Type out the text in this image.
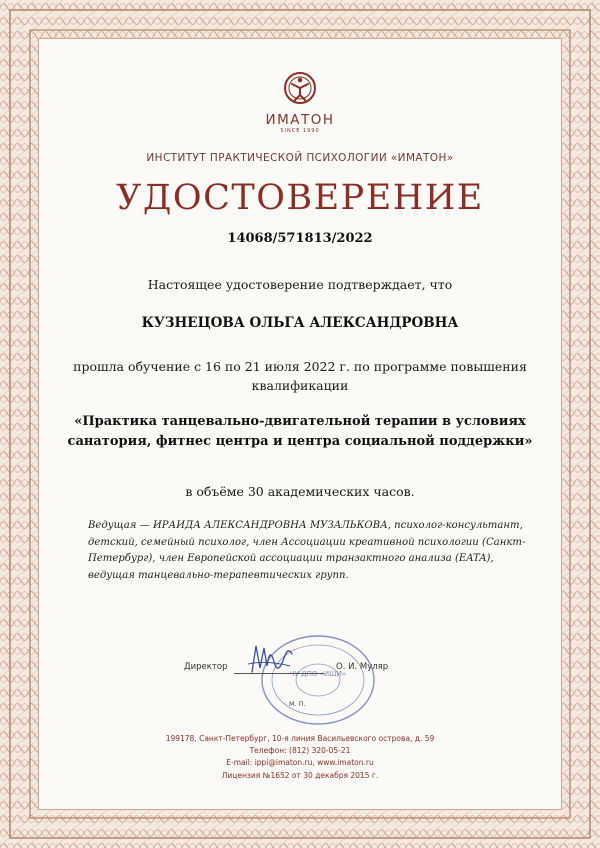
ИМАТОН
SINCE 1990
ИНСТИТУТ ПРАКТИЧЕСКОЙ ПСИХОЛОГИИ «ИМАТОН»
УДОСТОВЕРЕНИЕ
14068/571813/2022
Настоящее удостоверение подтверждает, что
КУЗНЕЦОВА ОЛЬГА АЛЕКСАНДРОВНА
прошла обучение с 16 по 21 июля 2022 г. по программе повышения
квалификации
«Практика танцевально-двигательной терапии в условиях
санатория, фитнес центра и центра социальной поддержки»
в объёме 30 академических часов.
Ведущая — ИРАИДА АЛЕКСАНДРОВНА МУЗАЛЬКОВА, психолог-консультант, детский, семейный психолог, член Ассоциации креативной психологии (Санкт-Петербург), член Европейской ассоциации транзактного анализа (EATA), ведущая танцевально-терапевтических групп.
ЧУ ДПО «ИШИ»
Директор	О. И. Муляр
М. П.
199178, Санкт-Петербург, 10-я линия Васильевского острова, д. 59
Телефон: (812) 320-05-21
E-mail: ippi@imaton.ru, www.imaton.ru
Лицензия №1652 от 30 декабря 2015 г.
